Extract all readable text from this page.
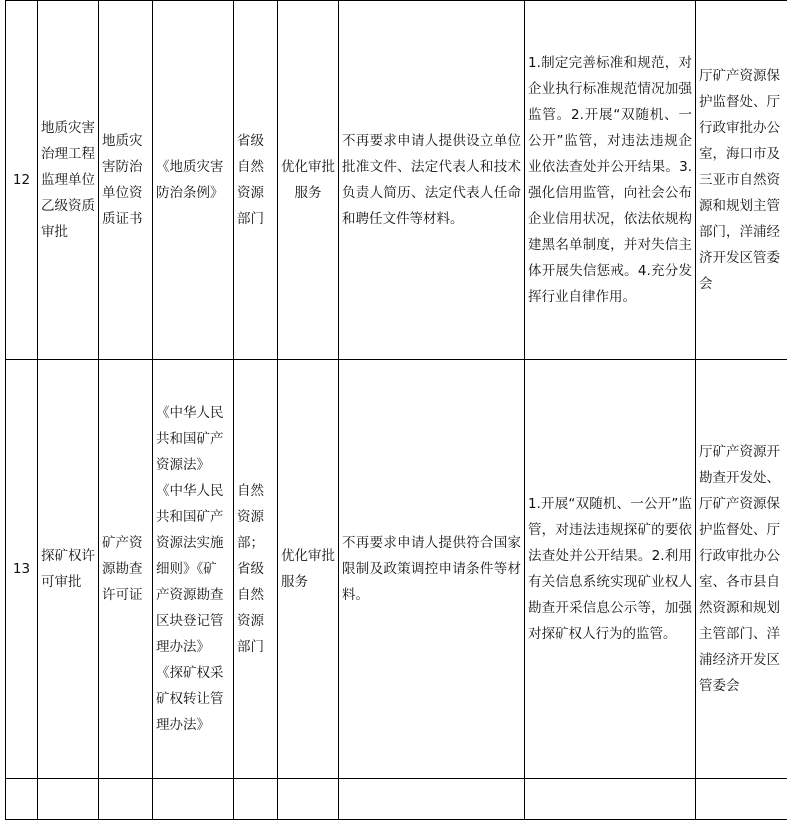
12	地质灾害治理工程监理单位乙级资质审批	地质灾害防治单位资质证书	《地质灾害防治条例》	省级自然资源部门	优化审批服务	不再要求申请人提供设立单位批准文件、法定代表人和技术负责人简历、法定代表人任命和聘任文件等材料。	1.制定完善标准和规范，对企业执行标准规范情况加强监管。2.开展“双随机、一公开”监管，对违法违规企业依法查处并公开结果。3.强化信用监管，向社会公布企业信用状况，依法依规构建黑名单制度，并对失信主体开展失信惩戒。4.充分发挥行业自律作用。	厅矿产资源保护监督处、厅行政审批办公室，海口市及三亚市自然资源和规划主管部门，洋浦经济开发区管委会
13	探矿权许可审批	矿产资源勘查许可证	《中华人民共和国矿产资源法》《中华人民共和国矿产资源法实施细则》《矿产资源勘查区块登记管理办法》《探矿权采矿权转让管理办法》	自然资源部；省级自然资源部门	优化审批服务	不再要求申请人提供符合国家限制及政策调控申请条件等材料。	1.开展“双随机、一公开”监管，对违法违规探矿的要依法查处并公开结果。2.利用有关信息系统实现矿业权人勘查开采信息公示等，加强对探矿权人行为的监管。	厅矿产资源开勘查开发处、厅矿产资源保护监督处、厅行政审批办公室、各市县自然资源和规划主管部门、洋浦经济开发区管委会
